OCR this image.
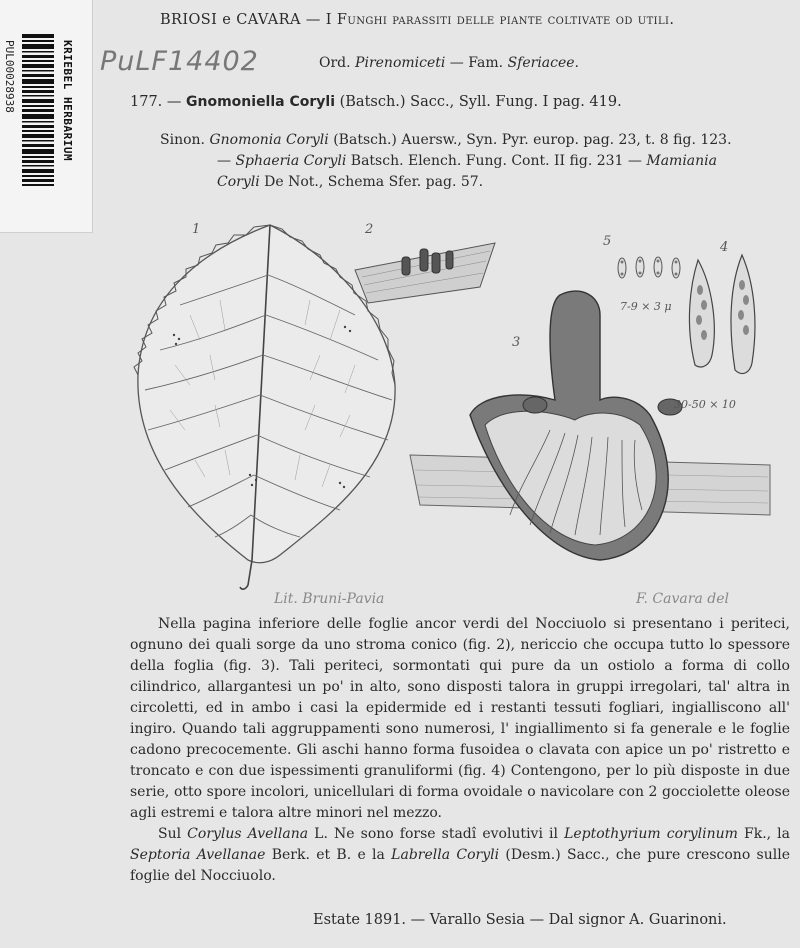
KRIEBEL HERBARIUM
PUL00028938	PuLF14402
BRIOSI e CAVARA — I Funghi parassiti delle piante coltivate od utili.
Ord. Pirenomiceti — Fam. Sferiacee.
177. — Gnomoniella Coryli (Batsch.) Sacc., Syll. Fung. I pag. 419.
Sinon. Gnomonia Coryli (Batsch.) Auersw., Syn. Pyr. europ. pag. 23, t. 8 fig. 123.
— Sphaeria Coryli Batsch. Elench. Fung. Cont. II fig. 231 — Mamiania
Coryli De Not., Schema Sfer. pag. 57.
1	2
3
4
5
7-9 × 3 μ
30-50 × 10
Lit. Bruni-Pavia	F. Cavara del

Nella pagina inferiore delle foglie ancor verdi del Nocciuolo si presentano i periteci, ognuno dei quali sorge da uno stroma conico (fig. 2), nericcio che occupa tutto lo spessore della foglia (fig. 3). Tali periteci, sormontati qui pure da un ostiolo a forma di collo cilindrico, allargantesi un po' in alto, sono disposti talora in gruppi irregolari, tal' altra in circoletti, ed in ambo i casi la epidermide ed i restanti tessuti fogliari, ingialliscono all' ingiro. Quando tali aggruppamenti sono numerosi, l' ingiallimento si fa generale e le foglie cadono precocemente. Gli aschi hanno forma fusoidea o clavata con apice un po' ristretto e troncato e con due ispessimenti granuliformi (fig. 4) Contengono, per lo più disposte in due serie, otto spore incolori, unicellulari di forma ovoidale o navicolare con 2 gocciolette oleose agli estremi e talora altre minori nel mezzo.

Sul Corylus Avellana L. Ne sono forse stadî evolutivi il Leptothyrium corylinum Fk., la Septoria Avellanae Berk. et B. e la Labrella Coryli (Desm.) Sacc., che pure crescono sulle foglie del Nocciuolo.

Estate 1891. — Varallo Sesia — Dal signor A. Guarinoni.
